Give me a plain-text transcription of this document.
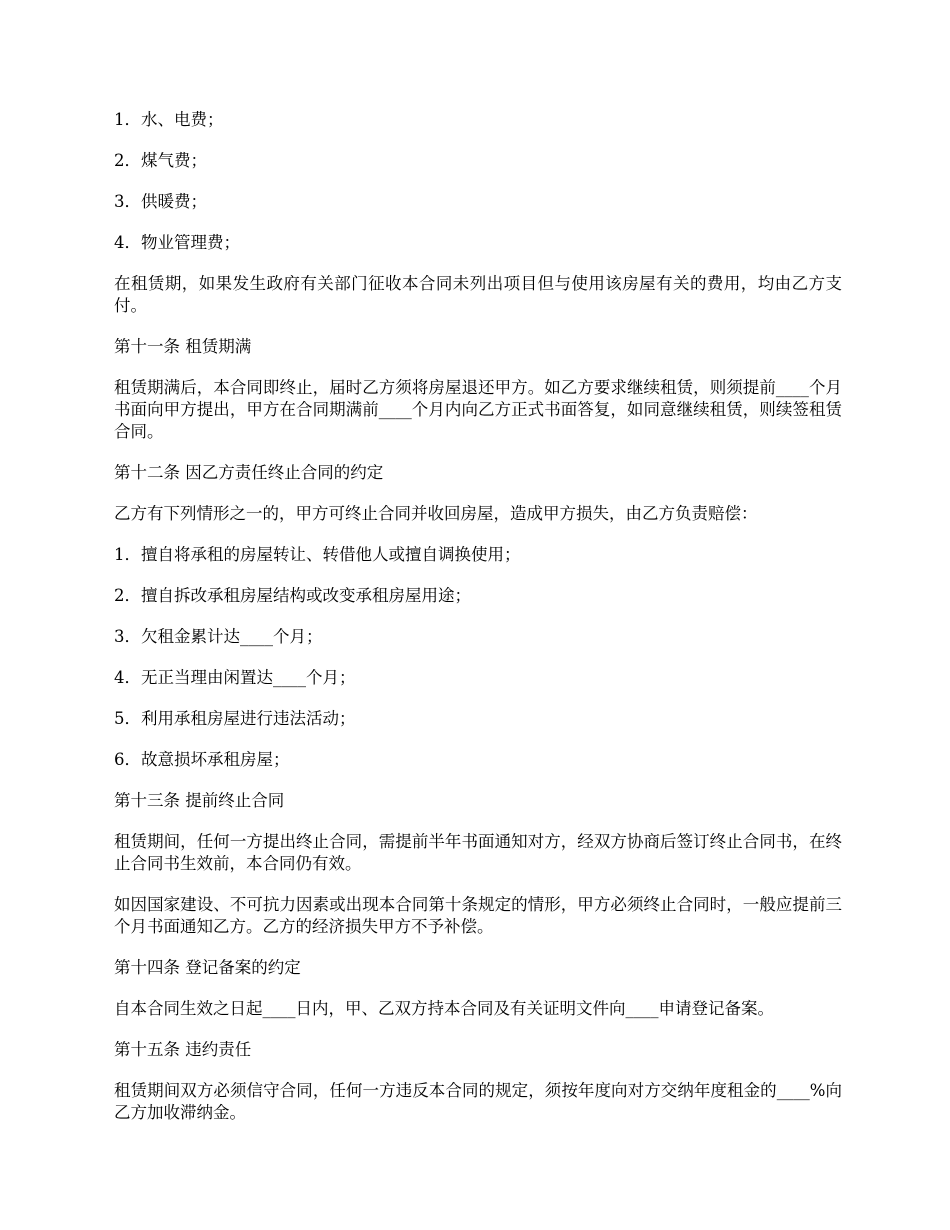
1．水、电费；

2．煤气费；

3．供暖费；

4．物业管理费；

在租赁期，如果发生政府有关部门征收本合同未列出项目但与使用该房屋有关的费用，均由乙方支付。

第十一条 租赁期满

租赁期满后，本合同即终止，届时乙方须将房屋退还甲方。如乙方要求继续租赁，则须提前____个月书面向甲方提出，甲方在合同期满前____个月内向乙方正式书面答复，如同意继续租赁，则续签租赁合同。

第十二条 因乙方责任终止合同的约定

乙方有下列情形之一的，甲方可终止合同并收回房屋，造成甲方损失，由乙方负责赔偿：

1．擅自将承租的房屋转让、转借他人或擅自调换使用；

2．擅自拆改承租房屋结构或改变承租房屋用途；

3．欠租金累计达____个月；

4．无正当理由闲置达____个月；

5．利用承租房屋进行违法活动；

6．故意损坏承租房屋；

第十三条 提前终止合同

租赁期间，任何一方提出终止合同，需提前半年书面通知对方，经双方协商后签订终止合同书，在终止合同书生效前，本合同仍有效。

如因国家建设、不可抗力因素或出现本合同第十条规定的情形，甲方必须终止合同时，一般应提前三个月书面通知乙方。乙方的经济损失甲方不予补偿。

第十四条 登记备案的约定

自本合同生效之日起____日内，甲、乙双方持本合同及有关证明文件向____申请登记备案。

第十五条 违约责任

租赁期间双方必须信守合同，任何一方违反本合同的规定，须按年度向对方交纳年度租金的____%向乙方加收滞纳金。
